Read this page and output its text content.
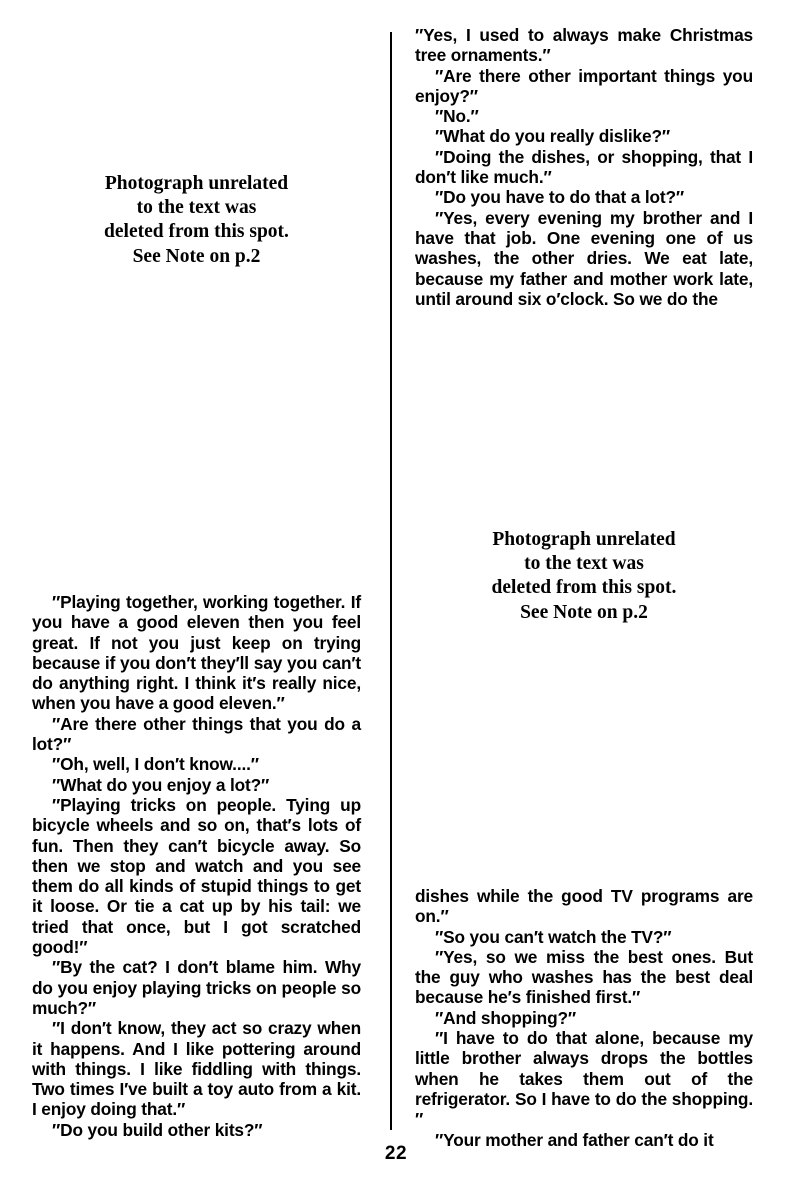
Photograph unrelated
to the text was
deleted from this spot.
See Note on p.2

″Playing together, working together. If you have a good eleven then you feel great. If not you just keep on trying because if you don′t they′ll say you can′t do anything right. I think it′s really nice, when you have a good eleven.″

″Are there other things that you do a lot?″

″Oh, well, I don′t know....″

″What do you enjoy a lot?″

″Playing tricks on people. Tying up bicycle wheels and so on, that′s lots of fun. Then they can′t bicycle away. So then we stop and watch and you see them do all kinds of stupid things to get it loose. Or tie a cat up by his tail: we tried that once, but I got scratched good!″

″By the cat? I don′t blame him. Why do you enjoy playing tricks on people so much?″

″I don′t know, they act so crazy when it happens. And I like pottering around with things. I like fiddling with things. Two times I′ve built a toy auto from a kit. I enjoy doing that.″

″Do you build other kits?″

″Yes, I used to always make Christmas tree ornaments.″

″Are there other important things you enjoy?″

″No.″

″What do you really dislike?″

″Doing the dishes, or shopping, that I don′t like much.″

″Do you have to do that a lot?″

″Yes, every evening my brother and I have that job. One evening one of us washes, the other dries. We eat late, because my father and mother work late, until around six o′clock. So we do the

Photograph unrelated
to the text was
deleted from this spot.
See Note on p.2

dishes while the good TV programs are on.″

″So you can′t watch the TV?″

″Yes, so we miss the best ones. But the guy who washes has the best deal because he′s finished first.″

″And shopping?″

″I have to do that alone, because my little brother always drops the bottles when he takes them out of the refrigerator. So I have to do the shopping.″

″Your mother and father can′t do it

22
